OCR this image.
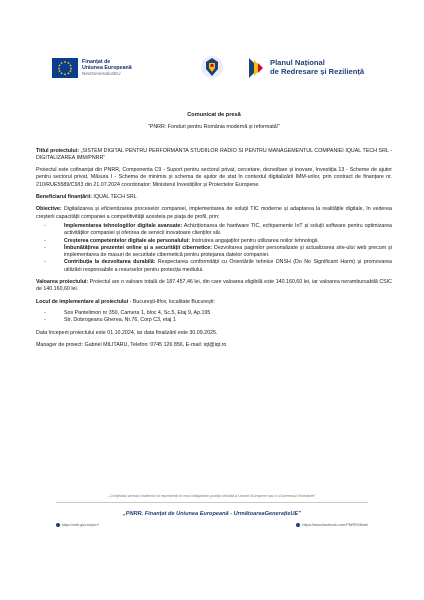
Finanțat de
Uniunea Europeană
NextGenerationEU
Planul Național
de Redresare și Reziliență

Comunicat de presă

”PNRR: Fonduri pentru România modernă și reformată!”

Titlul proiectului: „SISTEM DIGITAL PENTRU PERFORMANTA STUDIILOR RADIO SI PENTRU MANAGEMENTUL COMPANIEI IQUAL TECH SRL - DIGITALIZAREA IMM/PNRR”

Proiectul este cofinanțat din PNRR, Componenta C9 - Suport pentru sectorul privat, cercetare, dezvoltare și inovare, Investiția 13 - Scheme de ajutor pentru sectorul privat, Măsura I - Schema de minimis și schema de ajutor de stat în contextul digitalizării IMM-urilor, prin contract de finanțare nr. 210/RUE5589/C9/I3 din 21.07.2024 coordonator: Ministerul Investițiilor și Proiectelor Europene.

Beneficiarul finanțării: IQUAL TECH SRL

Obiective: Digitalizarea și eficientizarea proceselor companiei, implementarea de soluții TIC moderne și adaptarea la realitățile digitale, în vederea creșterii capacității companiei a competitivității acesteia pe piața de profil, prin:

- Implementarea tehnologiilor digitale avansate: Achiziționarea de hardware TIC, echipamente IoT și soluții software pentru optimizarea activităților companiei și oferirea de servicii inovatoare clienților săi.
- Creșterea competentelor digitale ale personalului: Instruirea angajaților pentru utilizarea noilor tehnologii.
- Îmbunătățirea prezentei online și a securității cibernetice: Dezvoltarea paginilor personalizate și actualizarea site-ului web precum și implementarea de masuri de securitate cibernetică pentru protejarea datelor companiei.
- Contribuția la dezvoltarea durabilă: Respectarea conformității cu Orientările tehnice DNSH (Do No Significant Harm) și promovarea utilizării responsabile a resurselor pentru protecția mediului.

Valoarea proiectului: Proiectul are o valoare totală de 187.457,46 lei, din care valoarea eligibilă este 140.160,60 lei, iar valoarea nerambursabilă CSIC de 140.160,60 lei.

Locul de implementare al proiectului - București-Ilfov, localitate București:

- Sos Pantelimon nr 350, Camera 1, bloc 4, Sc.5, Etaj 9, Ap.195
- Str. Dobrogeanu Gherea, Nr.76, Corp C3, etaj 1

Data începerii proiectului este 01.10.2024, iar data finalizării este 30.09.2025.

Manager de proiect: Gabriel MILITARU, Telefon: 0745 126 856, E-mail: iqt@iqt.ro

„Conținutul acestui material nu reprezintă în mod obligatoriu poziția oficială a Uniunii Europene sau a Guvernului României”
„PNRR. Finanțat de Uniunea Europeană - UrmătoareaGenerațieUE”
https://mfe.gov.ro/pnrr/	https://www.facebook.com/PNRROficial/
